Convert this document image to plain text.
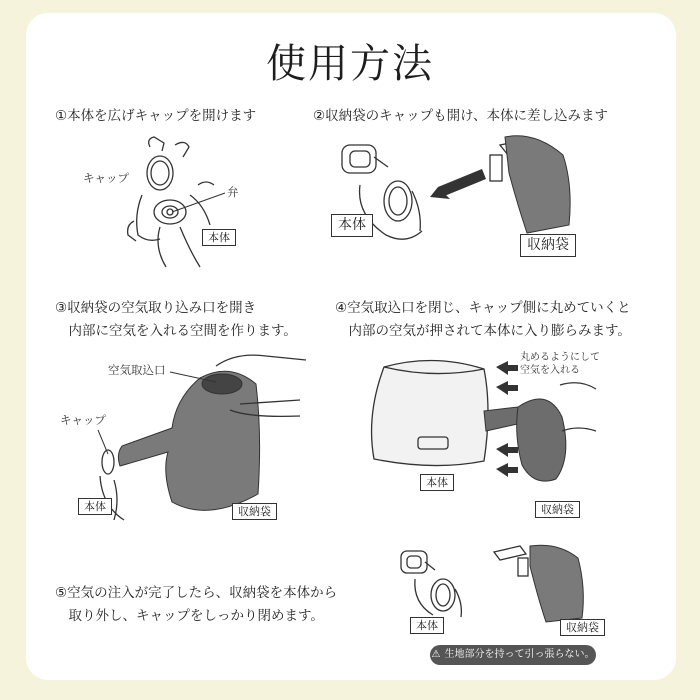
使用方法
①本体を広げキャップを開けます
キャップ
弁
本体
②収納袋のキャップも開け、本体に差し込みます
本体
収納袋
③収納袋の空気取り込み口を開き
　内部に空気を入れる空間を作ります。
空気取込口
キャップ
本体	収納袋
④空気取込口を閉じ、キャップ側に丸めていくと
　内部の空気が押されて本体に入り膨らみます。
丸めるようにして
空気を入れる
本体
収納袋
⑤空気の注入が完了したら、収納袋を本体から
　取り外し、キャップをしっかり閉めます。
本体	収納袋
⚠ 生地部分を持って引っ張らない。
